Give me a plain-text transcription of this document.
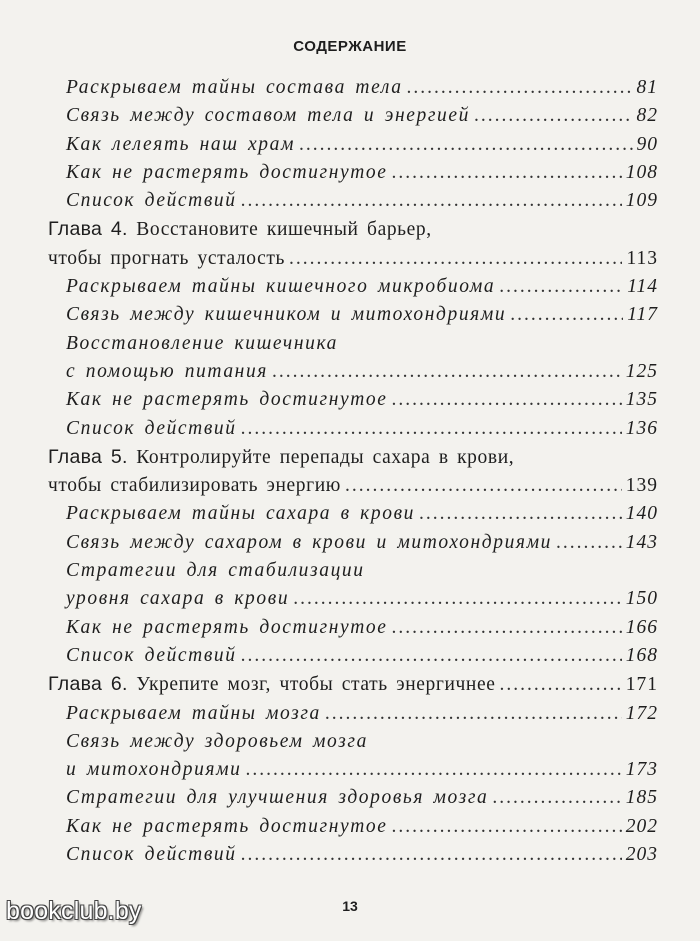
СОДЕРЖАНИЕ
Раскрываем тайны состава тела .....	81
Связь между составом тела и энергией .....	82
Как лелеять наш храм .....	90
Как не растерять достигнутое .....	108
Список действий .....	109
Глава 4.
Восстановите кишечный барьер,
чтобы прогнать усталость .....	113
Раскрываем тайны кишечного микробиома .....	114
Связь между кишечником и митохондриями .....	117
Восстановление кишечника
с помощью питания .....	125
Как не растерять достигнутое .....	135
Список действий .....	136
Глава 5.
Контролируйте перепады сахара в крови,
чтобы стабилизировать энергию .....	139
Раскрываем тайны сахара в крови .....	140
Связь между сахаром в крови и митохондриями .....	143
Стратегии для стабилизации
уровня сахара в крови .....	150
Как не растерять достигнутое .....	166
Список действий .....	168
Глава 6.
Укрепите мозг, чтобы стать энергичнее .....	171
Раскрываем тайны мозга .....	172
Связь между здоровьем мозга
и митохондриями .....	173
Стратегии для улучшения здоровья мозга .....	185
Как не растерять достигнутое .....	202
Список действий .....	203
13
bookclub.by
